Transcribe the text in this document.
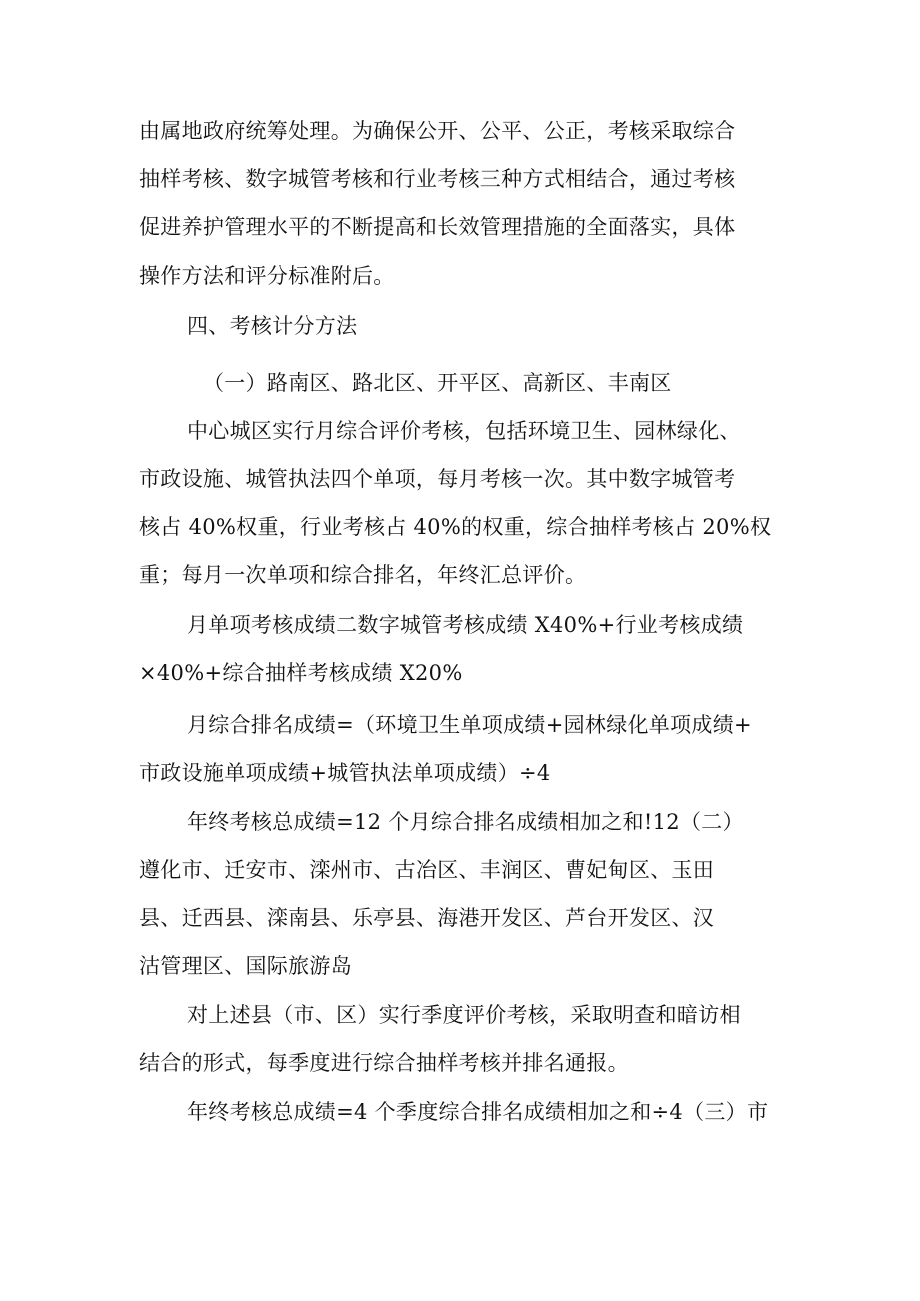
由属地政府统筹处理。为确保公开、公平、公正，考核采取综合
抽样考核、数字城管考核和行业考核三种方式相结合，通过考核
促进养护管理水平的不断提高和长效管理措施的全面落实，具体
操作方法和评分标准附后。
四、考核计分方法
（一）路南区、路北区、开平区、高新区、丰南区
中心城区实行月综合评价考核，包括环境卫生、园林绿化、
市政设施、城管执法四个单项，每月考核一次。其中数字城管考
核占 40%权重，行业考核占 40%的权重，综合抽样考核占 20%权
重；每月一次单项和综合排名，年终汇总评价。
月单项考核成绩二数字城管考核成绩 X40%+行业考核成绩
×40%+综合抽样考核成绩 X20%
月综合排名成绩=（环境卫生单项成绩+园林绿化单项成绩+
市政设施单项成绩+城管执法单项成绩）÷4
年终考核总成绩=12 个月综合排名成绩相加之和!12（二）
遵化市、迁安市、滦州市、古冶区、丰润区、曹妃甸区、玉田
县、迁西县、滦南县、乐亭县、海港开发区、芦台开发区、汉
沽管理区、国际旅游岛
对上述县（市、区）实行季度评价考核，采取明查和暗访相
结合的形式，每季度进行综合抽样考核并排名通报。
年终考核总成绩=4 个季度综合排名成绩相加之和÷4（三）市
